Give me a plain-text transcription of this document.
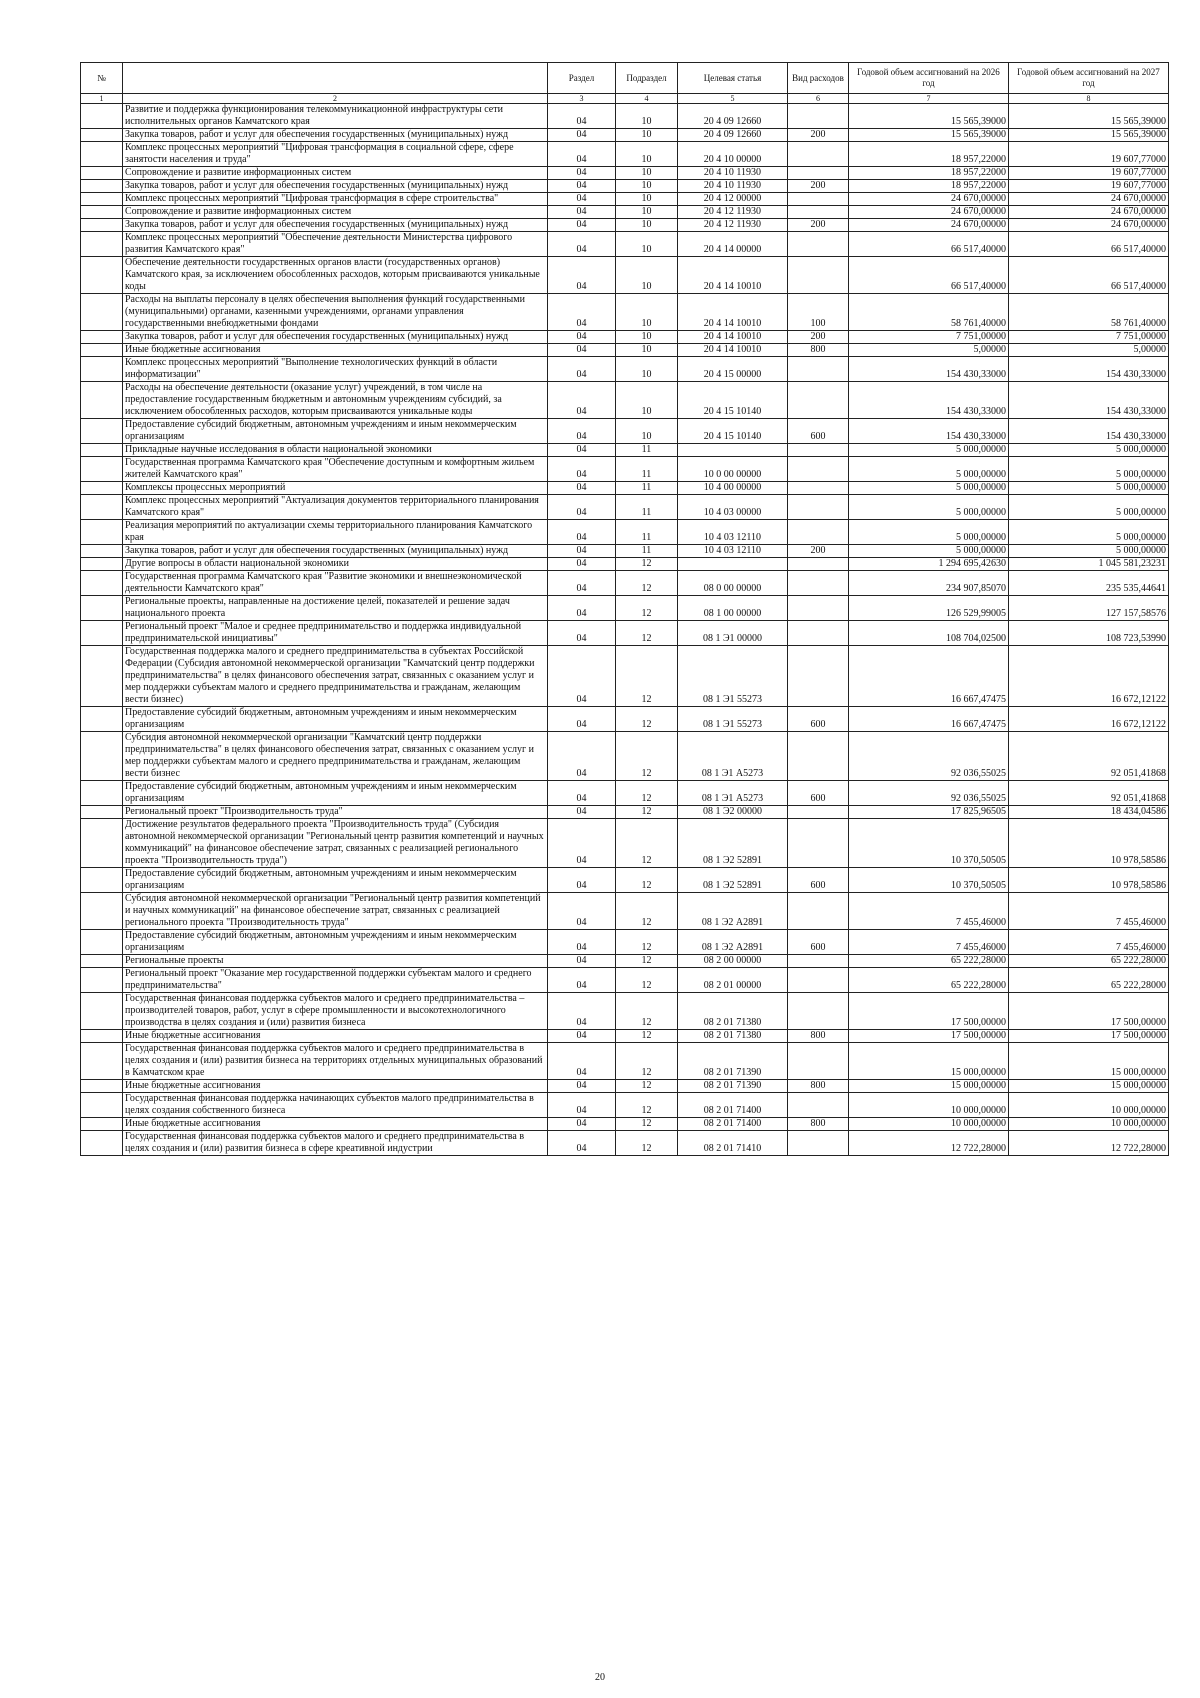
№		Раздел	Подраздел	Целевая статья	Вид расходов	Годовой объем ассигнований на 2026 год	Годовой объем ассигнований на 2027 год
1	2	3	4	5	6	7	8
	Развитие и поддержка функционирования телекоммуникационной инфраструктуры сети исполнительных органов Камчатского края	04	10	20 4 09 12660		15 565,39000	15 565,39000
	Закупка товаров, работ и услуг для обеспечения государственных (муниципальных) нужд	04	10	20 4 09 12660	200	15 565,39000	15 565,39000
	Комплекс процессных мероприятий "Цифровая трансформация в социальной сфере, сфере занятости населения и труда"	04	10	20 4 10 00000		18 957,22000	19 607,77000
	Сопровождение и развитие информационных систем	04	10	20 4 10 11930		18 957,22000	19 607,77000
	Закупка товаров, работ и услуг для обеспечения государственных (муниципальных) нужд	04	10	20 4 10 11930	200	18 957,22000	19 607,77000
	Комплекс процессных мероприятий "Цифровая трансформация в сфере строительства"	04	10	20 4 12 00000		24 670,00000	24 670,00000
	Сопровождение и развитие информационных систем	04	10	20 4 12 11930		24 670,00000	24 670,00000
	Закупка товаров, работ и услуг для обеспечения государственных (муниципальных) нужд	04	10	20 4 12 11930	200	24 670,00000	24 670,00000
	Комплекс процессных мероприятий "Обеспечение деятельности Министерства цифрового развития Камчатского края"	04	10	20 4 14 00000		66 517,40000	66 517,40000
	Обеспечение деятельности государственных органов власти (государственных органов) Камчатского края, за исключением обособленных расходов, которым присваиваются уникальные коды	04	10	20 4 14 10010		66 517,40000	66 517,40000
	Расходы на выплаты персоналу в целях обеспечения выполнения функций государственными (муниципальными) органами, казенными учреждениями, органами управления государственными внебюджетными фондами	04	10	20 4 14 10010	100	58 761,40000	58 761,40000
	Закупка товаров, работ и услуг для обеспечения государственных (муниципальных) нужд	04	10	20 4 14 10010	200	7 751,00000	7 751,00000
	Иные бюджетные ассигнования	04	10	20 4 14 10010	800	5,00000	5,00000
	Комплекс процессных мероприятий "Выполнение технологических функций в области информатизации"	04	10	20 4 15 00000		154 430,33000	154 430,33000
	Расходы на обеспечение деятельности (оказание услуг) учреждений, в том числе на предоставление государственным бюджетным и автономным учреждениям субсидий, за исключением обособленных расходов, которым присваиваются уникальные коды	04	10	20 4 15 10140		154 430,33000	154 430,33000
	Предоставление субсидий бюджетным, автономным учреждениям и иным некоммерческим организациям	04	10	20 4 15 10140	600	154 430,33000	154 430,33000
	Прикладные научные исследования в области национальной экономики	04	11			5 000,00000	5 000,00000
	Государственная программа Камчатского края "Обеспечение доступным и комфортным жильем жителей Камчатского края"	04	11	10 0 00 00000		5 000,00000	5 000,00000
	Комплексы процессных мероприятий	04	11	10 4 00 00000		5 000,00000	5 000,00000
	Комплекс процессных мероприятий "Актуализация документов территориального планирования Камчатского края"	04	11	10 4 03 00000		5 000,00000	5 000,00000
	Реализация мероприятий по актуализации схемы территориального планирования Камчатского края	04	11	10 4 03 12110		5 000,00000	5 000,00000
	Закупка товаров, работ и услуг для обеспечения государственных (муниципальных) нужд	04	11	10 4 03 12110	200	5 000,00000	5 000,00000
	Другие вопросы в области национальной экономики	04	12			1 294 695,42630	1 045 581,23231
	Государственная программа Камчатского края "Развитие экономики и внешнеэкономической деятельности Камчатского края"	04	12	08 0 00 00000		234 907,85070	235 535,44641
	Региональные проекты, направленные на достижение целей, показателей и решение задач национального проекта	04	12	08 1 00 00000		126 529,99005	127 157,58576
	Региональный проект "Малое и среднее предпринимательство и поддержка индивидуальной предпринимательской инициативы"	04	12	08 1 Э1 00000		108 704,02500	108 723,53990
	Государственная поддержка малого и среднего предпринимательства в субъектах Российской Федерации (Субсидия автономной некоммерческой организации "Камчатский центр поддержки предпринимательства" в целях финансового обеспечения затрат, связанных с оказанием услуг и мер поддержки субъектам малого и среднего предпринимательства и гражданам, желающим вести бизнес)	04	12	08 1 Э1 55273		16 667,47475	16 672,12122
	Предоставление субсидий бюджетным, автономным учреждениям и иным некоммерческим организациям	04	12	08 1 Э1 55273	600	16 667,47475	16 672,12122
	Субсидия автономной некоммерческой организации "Камчатский центр поддержки предпринимательства" в целях финансового обеспечения затрат, связанных с оказанием услуг и мер поддержки субъектам малого и среднего предпринимательства и гражданам, желающим вести бизнес	04	12	08 1 Э1 А5273		92 036,55025	92 051,41868
	Предоставление субсидий бюджетным, автономным учреждениям и иным некоммерческим организациям	04	12	08 1 Э1 А5273	600	92 036,55025	92 051,41868
	Региональный проект "Производительность труда"	04	12	08 1 Э2 00000		17 825,96505	18 434,04586
	Достижение результатов федерального проекта "Производительность труда" (Субсидия автономной некоммерческой организации "Региональный центр развития компетенций и научных коммуникаций" на финансовое обеспечение затрат, связанных с реализацией регионального проекта "Производительность труда")	04	12	08 1 Э2 52891		10 370,50505	10 978,58586
	Предоставление субсидий бюджетным, автономным учреждениям и иным некоммерческим организациям	04	12	08 1 Э2 52891	600	10 370,50505	10 978,58586
	Субсидия автономной некоммерческой организации "Региональный центр развития компетенций и научных коммуникаций" на финансовое обеспечение затрат, связанных с реализацией регионального проекта "Производительность труда"	04	12	08 1 Э2 А2891		7 455,46000	7 455,46000
	Предоставление субсидий бюджетным, автономным учреждениям и иным некоммерческим организациям	04	12	08 1 Э2 А2891	600	7 455,46000	7 455,46000
	Региональные проекты	04	12	08 2 00 00000		65 222,28000	65 222,28000
	Региональный проект "Оказание мер государственной поддержки субъектам малого и среднего предпринимательства"	04	12	08 2 01 00000		65 222,28000	65 222,28000
	Государственная финансовая поддержка субъектов малого и среднего предпринимательства – производителей товаров, работ, услуг в сфере промышленности и высокотехнологичного производства в целях создания и (или) развития бизнеса	04	12	08 2 01 71380		17 500,00000	17 500,00000
	Иные бюджетные ассигнования	04	12	08 2 01 71380	800	17 500,00000	17 500,00000
	Государственная финансовая поддержка субъектов малого и среднего предпринимательства в целях создания и (или) развития бизнеса на территориях отдельных муниципальных образований в Камчатском крае	04	12	08 2 01 71390		15 000,00000	15 000,00000
	Иные бюджетные ассигнования	04	12	08 2 01 71390	800	15 000,00000	15 000,00000
	Государственная финансовая поддержка начинающих субъектов малого предпринимательства в целях создания собственного бизнеса	04	12	08 2 01 71400		10 000,00000	10 000,00000
	Иные бюджетные ассигнования	04	12	08 2 01 71400	800	10 000,00000	10 000,00000
	Государственная финансовая поддержка субъектов малого и среднего предпринимательства в целях создания и (или) развития бизнеса в сфере креативной индустрии	04	12	08 2 01 71410		12 722,28000	12 722,28000
20
